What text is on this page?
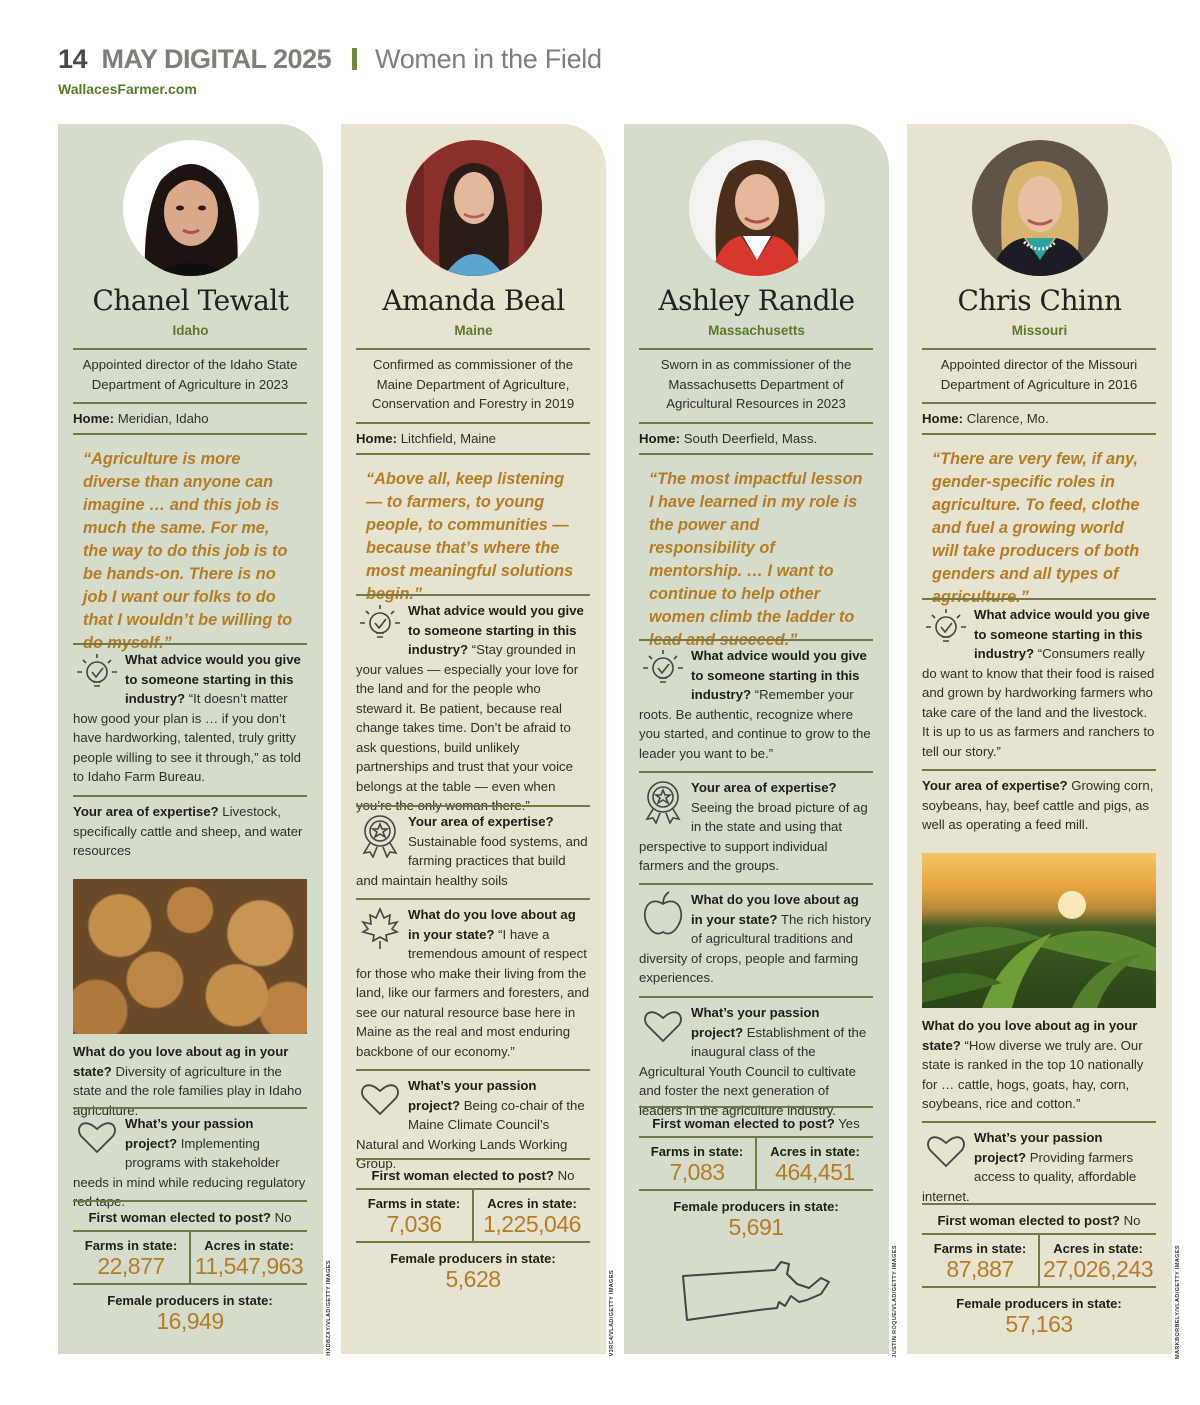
14 MAY DIGITAL 2025 Women in the Field
WallacesFarmer.com
Chanel Tewalt
Idaho
Appointed director of the Idaho State Department of Agriculture in 2023
Home: Meridian, Idaho
“Agriculture is more diverse than anyone can imagine … and this job is much the same. For me, the way to do this job is to be hands-on. There is no job I want our folks to do that I wouldn’t be willing to do myself.”
What advice would you give to someone starting in this industry? “It doesn’t matter how good your plan is … if you don’t have hardworking, talented, truly gritty people willing to see it through,” as told to Idaho Farm Bureau.
Your area of expertise? Livestock, specifically cattle and sheep, and water resources
What do you love about ag in your state? Diversity of agriculture in the state and the role families play in Idaho agriculture.
What’s your passion project? Implementing programs with stakeholder needs in mind while reducing regulatory red tape.
First woman elected to post? No
Farms in state:
22,877
Acres in state:
11,547,963
Female producers in state:
16,949	HXDBZXY/VLAD/GETTY IMAGES
Amanda Beal
Maine
Confirmed as commissioner of the Maine Department of Agriculture, Conservation and Forestry in 2019
Home: Litchfield, Maine
“Above all, keep listening — to farmers, to young people, to communities — because that’s where the most meaningful solutions begin.”
What advice would you give to someone starting in this industry? “Stay grounded in your values — especially your love for the land and for the people who steward it. Be patient, because real change takes time. Don’t be afraid to ask questions, build unlikely partnerships and trust that your voice belongs at the table — even when you’re the only woman there.”
Your area of expertise? Sustainable food systems, and farming practices that build and maintain healthy soils
What do you love about ag in your state? “I have a tremendous amount of respect for those who make their living from the land, like our farmers and foresters, and see our natural resource base here in Maine as the real and most enduring backbone of our economy.”
What’s your passion project? Being co-chair of the Maine Climate Council’s Natural and Working Lands Working Group.
First woman elected to post? No
Farms in state:
7,036
Acres in state:
1,225,046
Female producers in state:
5,628	V3RC4/VLAD/GETTY IMAGES
Ashley Randle
Massachusetts
Sworn in as commissioner of the Massachusetts Department of Agricultural Resources in 2023
Home: South Deerfield, Mass.
“The most impactful lesson I have learned in my role is the power and responsibility of mentorship. … I want to continue to help other women climb the ladder to lead and succeed.”
What advice would you give to someone starting in this industry? “Remember your roots. Be authentic, recognize where you started, and continue to grow to the leader you want to be.”
Your area of expertise? Seeing the broad picture of ag in the state and using that perspective to support individual farmers and the groups.
What do you love about ag in your state? The rich history of agricultural traditions and diversity of crops, people and farming experiences.
What’s your passion project? Establishment of the inaugural class of the Agricultural Youth Council to cultivate and foster the next generation of leaders in the agriculture industry.
First woman elected to post? Yes
Farms in state:
7,083
Acres in state:
464,451
Female producers in state:
5,691
JUSTIN ROQUE/VLAD/GETTY IMAGES
Chris Chinn
Missouri
Appointed director of the Missouri Department of Agriculture in 2016
Home: Clarence, Mo.
“There are very few, if any, gender-specific roles in agriculture. To feed, clothe and fuel a growing world will take producers of both genders and all types of agriculture.”
What advice would you give to someone starting in this industry? “Consumers really do want to know that their food is raised and grown by hardworking farmers who take care of the land and the livestock. It is up to us as farmers and ranchers to tell our story.”
Your area of expertise? Growing corn, soybeans, hay, beef cattle and pigs, as well as operating a feed mill.
What do you love about ag in your state? “How diverse we truly are. Our state is ranked in the top 10 nationally for … cattle, hogs, goats, hay, corn, soybeans, rice and cotton.”
What’s your passion project? Providing farmers access to quality, affordable internet.
First woman elected to post? No
Farms in state:
87,887
Acres in state:
27,026,243
Female producers in state:
57,163	MARKBORBELY/VLAD/GETTY IMAGES
